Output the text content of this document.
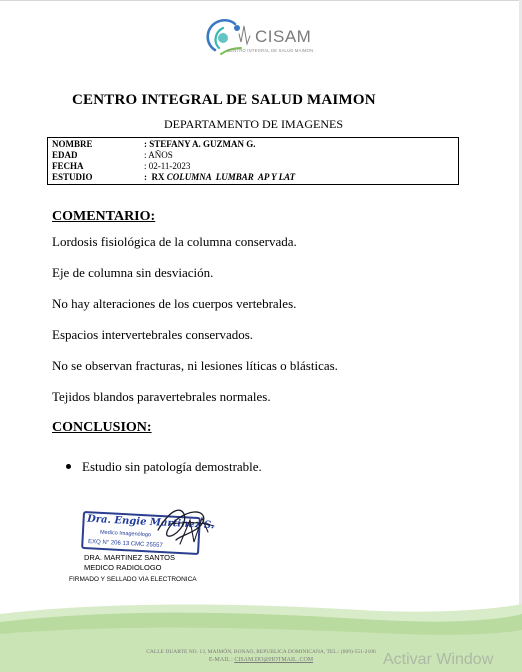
CISAM
CENTRO INTEGRAL DE SALUD MAIMON
CENTRO INTEGRAL DE SALUD MAIMON
DEPARTAMENTO DE IMAGENES
NOMBRE	: STEFANY A. GUZMAN G.
EDAD	: AÑOS
FECHA	: 02-11-2023
ESTUDIO	:  RX COLUMNA  LUMBAR  AP Y LAT
COMENTARIO:
Lordosis fisiológica de la columna conservada.
Eje de columna sin desviación.
No hay alteraciones de los cuerpos vertebrales.
Espacios intervertebrales conservados.
No se observan fracturas, ni lesiones líticas o blásticas.
Tejidos blandos paravertebrales normales.
CONCLUSION:
Estudio sin patología demostrable.
Dra. Engie Martinez S.
Medico Imagenólogo
EXQ N° 206 13 CMC 25557
DRA. MARTINEZ SANTOS
MEDICO RADIOLOGO
FIRMADO Y SELLADO VIA ELECTRONICA
CALLE DUARTE NO. 13, MAIMÓN, BONAO, REPUBLICA DOMINICANA, TEL.: (809)-551-2106
E-MAIL : CISAM.DO@HOTMAIL .COM	Activar Window
